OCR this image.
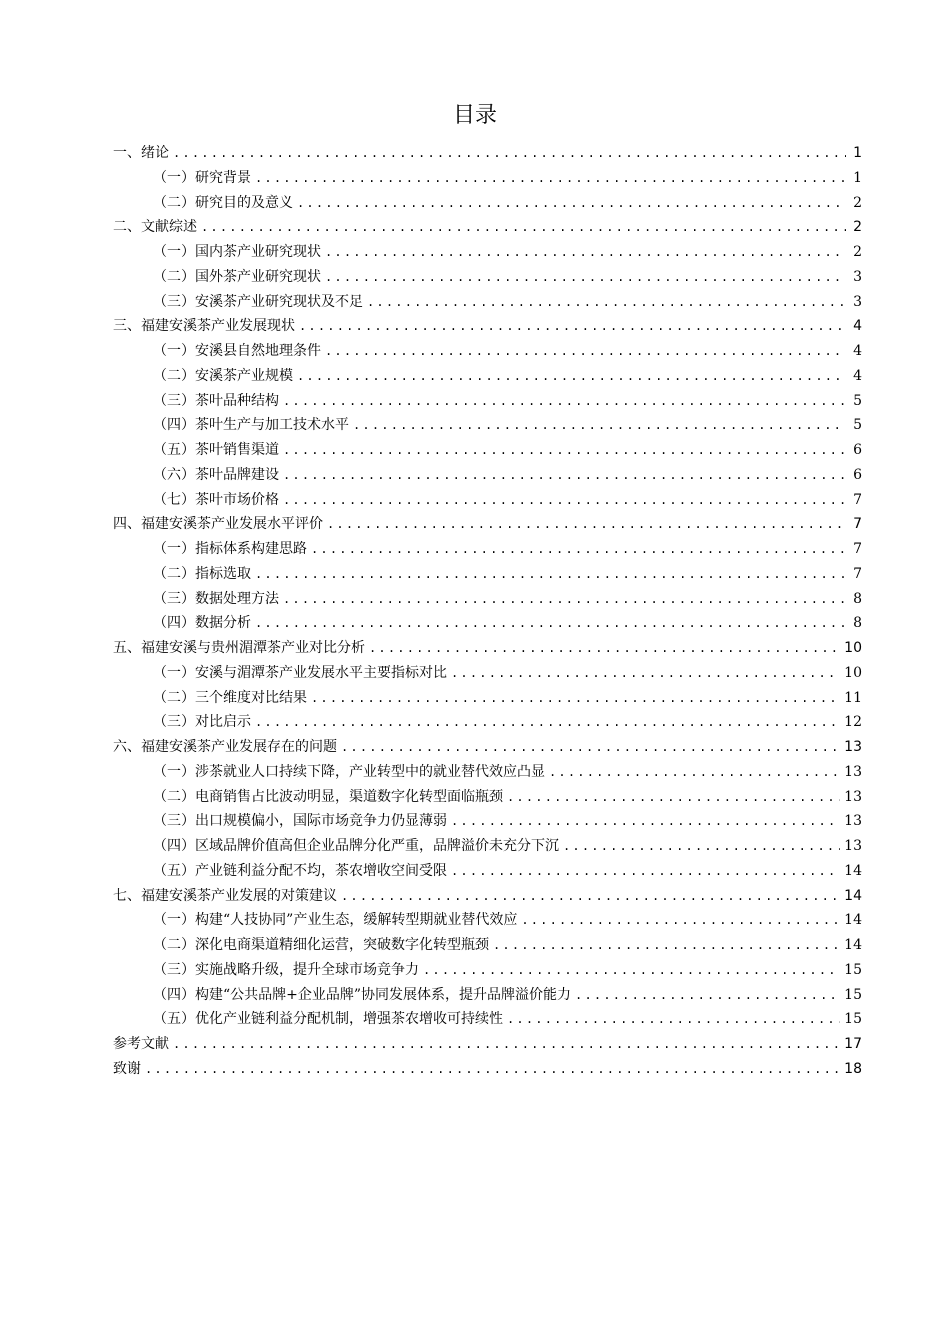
目录
一、绪论 .....	1
（一）研究背景 .....	1
（二）研究目的及意义 .....	2
二、文献综述 .....	2
（一）国内茶产业研究现状 .....	2
（二）国外茶产业研究现状 .....	3
（三）安溪茶产业研究现状及不足 .....	3
三、福建安溪茶产业发展现状 .....	4
（一）安溪县自然地理条件 .....	4
（二）安溪茶产业规模 .....	4
（三）茶叶品种结构 .....	5
（四）茶叶生产与加工技术水平 .....	5
（五）茶叶销售渠道 .....	6
（六）茶叶品牌建设 .....	6
（七）茶叶市场价格 .....	7
四、福建安溪茶产业发展水平评价 .....	7
（一）指标体系构建思路 .....	7
（二）指标选取 .....	7
（三）数据处理方法 .....	8
（四）数据分析 .....	8
五、福建安溪与贵州湄潭茶产业对比分析 .....	10
（一）安溪与湄潭茶产业发展水平主要指标对比 .....	10
（二）三个维度对比结果 .....	11
（三）对比启示 .....	12
六、福建安溪茶产业发展存在的问题 .....	13
（一）涉茶就业人口持续下降，产业转型中的就业替代效应凸显 .....	13
（二）电商销售占比波动明显，渠道数字化转型面临瓶颈 .....	13
（三）出口规模偏小，国际市场竞争力仍显薄弱 .....	13
（四）区域品牌价值高但企业品牌分化严重，品牌溢价未充分下沉 .....	13
（五）产业链利益分配不均，茶农增收空间受限 .....	14
七、福建安溪茶产业发展的对策建议 .....	14
（一）构建“人技协同”产业生态，缓解转型期就业替代效应 .....	14
（二）深化电商渠道精细化运营，突破数字化转型瓶颈 .....	14
（三）实施战略升级，提升全球市场竞争力 .....	15
（四）构建“公共品牌+企业品牌”协同发展体系，提升品牌溢价能力 .....	15
（五）优化产业链利益分配机制，增强茶农增收可持续性 .....	15
参考文献 .....	17
致谢 .....	18
